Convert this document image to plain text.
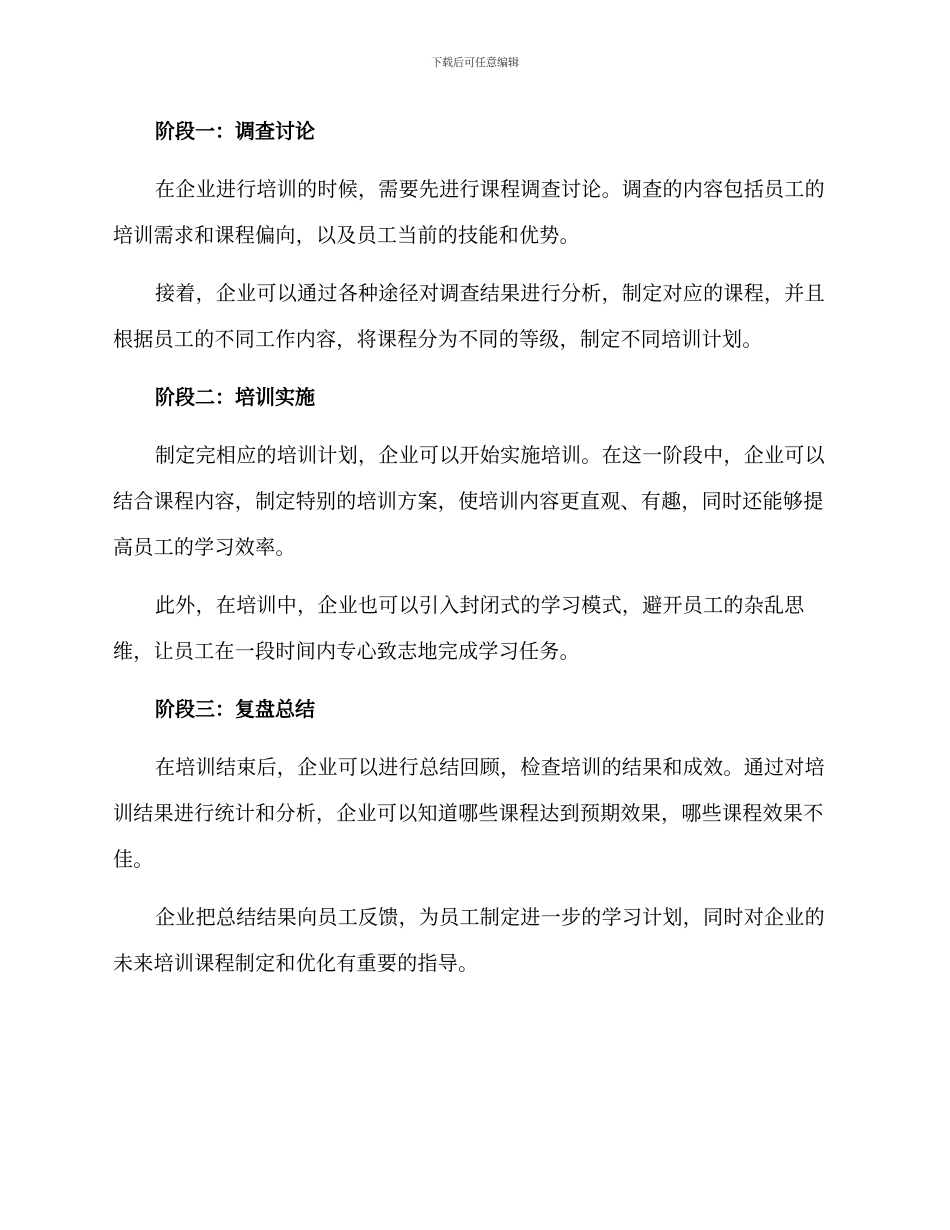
下载后可任意编辑
阶段一：调查讨论
在企业进行培训的时候，需要先进行课程调查讨论。调查的内容包括员工的培训需求和课程偏向，以及员工当前的技能和优势。
接着，企业可以通过各种途径对调查结果进行分析，制定对应的课程，并且根据员工的不同工作内容，将课程分为不同的等级，制定不同培训计划。
阶段二：培训实施
制定完相应的培训计划，企业可以开始实施培训。在这一阶段中，企业可以结合课程内容，制定特别的培训方案，使培训内容更直观、有趣，同时还能够提高员工的学习效率。
此外，在培训中，企业也可以引入封闭式的学习模式，避开员工的杂乱思维，让员工在一段时间内专心致志地完成学习任务。
阶段三：复盘总结
在培训结束后，企业可以进行总结回顾，检查培训的结果和成效。通过对培训结果进行统计和分析，企业可以知道哪些课程达到预期效果，哪些课程效果不佳。
企业把总结结果向员工反馈，为员工制定进一步的学习计划，同时对企业的未来培训课程制定和优化有重要的指导。
